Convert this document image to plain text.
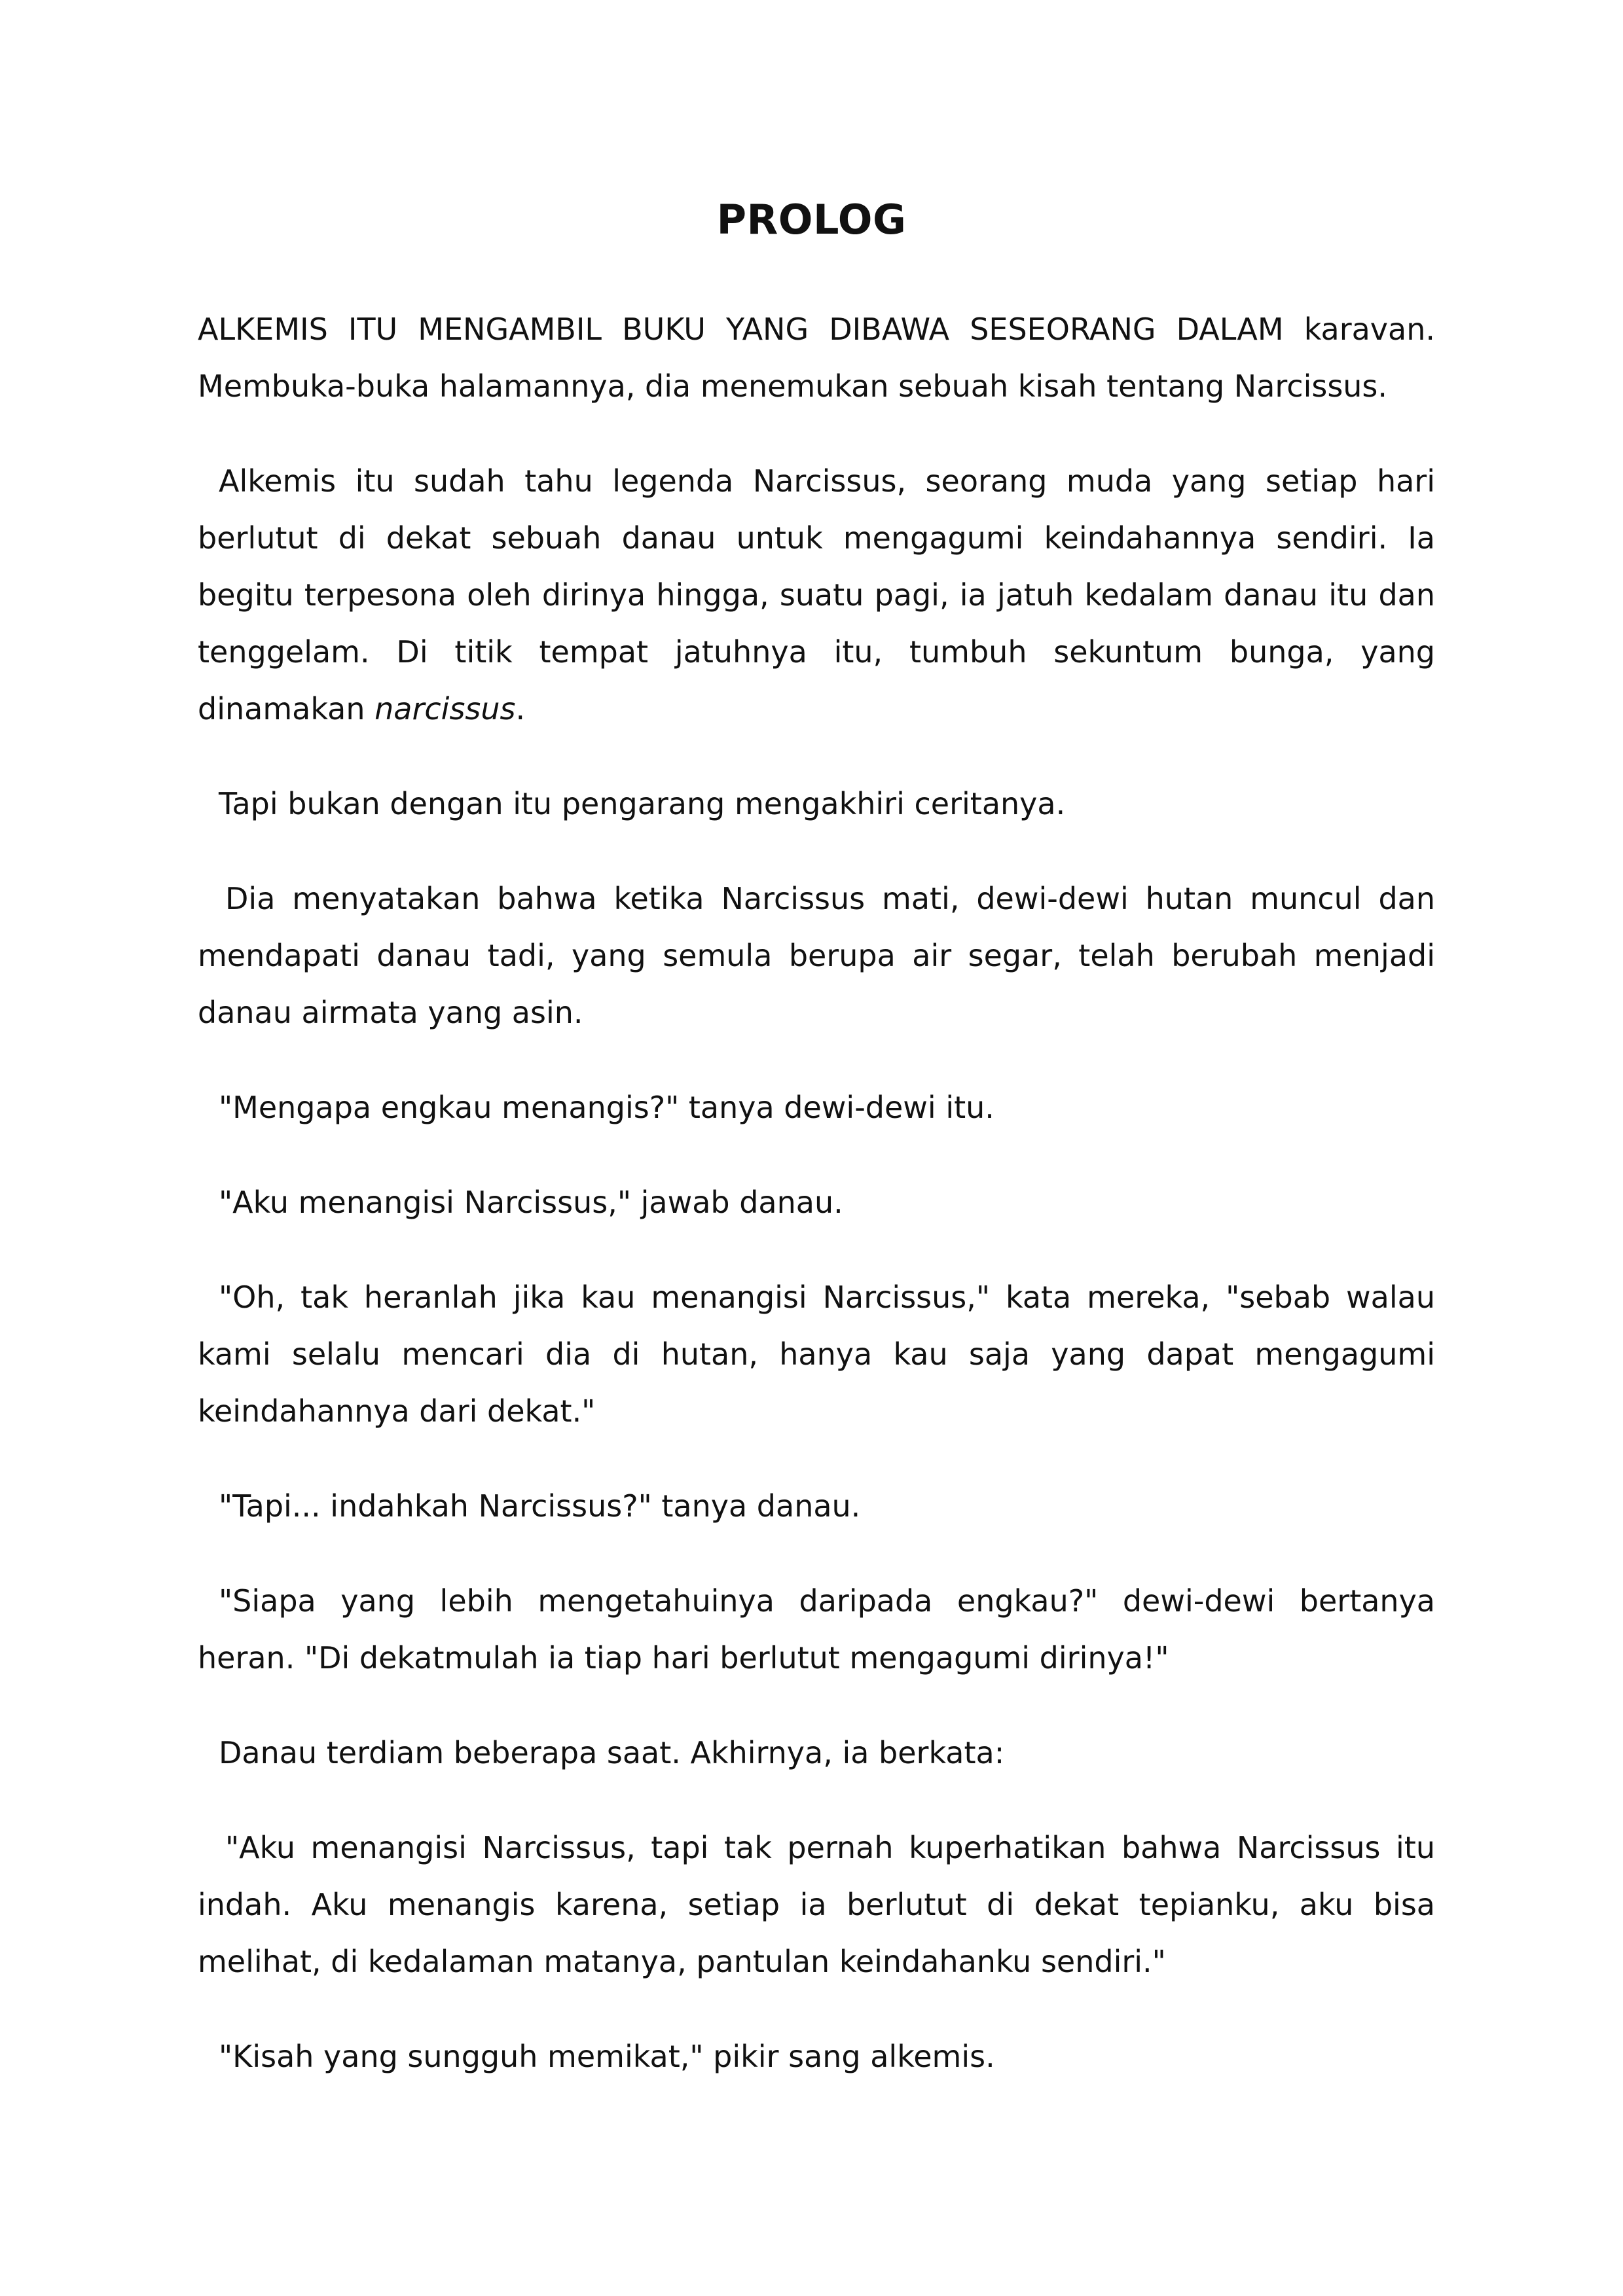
PROLOG

ALKEMIS ITU MENGAMBIL BUKU YANG DIBAWA SESEORANG DALAM karavan. Membuka-buka halamannya, dia menemukan sebuah kisah tentang Narcissus.

Alkemis itu sudah tahu legenda Narcissus, seorang muda yang setiap hari berlutut di dekat sebuah danau untuk mengagumi keindahannya sendiri. Ia begitu terpesona oleh dirinya hingga, suatu pagi, ia jatuh kedalam danau itu dan tenggelam. Di titik tempat jatuhnya itu, tumbuh sekuntum bunga, yang dinamakan narcissus.

Tapi bukan dengan itu pengarang mengakhiri ceritanya.

Dia menyatakan bahwa ketika Narcissus mati, dewi-dewi hutan muncul dan mendapati danau tadi, yang semula berupa air segar, telah berubah menjadi danau airmata yang asin.

"Mengapa engkau menangis?" tanya dewi-dewi itu.

"Aku menangisi Narcissus," jawab danau.

"Oh, tak heranlah jika kau menangisi Narcissus," kata mereka, "sebab walau kami selalu mencari dia di hutan, hanya kau saja yang dapat mengagumi keindahannya dari dekat."

"Tapi... indahkah Narcissus?" tanya danau.

"Siapa yang lebih mengetahuinya daripada engkau?" dewi-dewi bertanya heran. "Di dekatmulah ia tiap hari berlutut mengagumi dirinya!"

Danau terdiam beberapa saat. Akhirnya, ia berkata:

"Aku menangisi Narcissus, tapi tak pernah kuperhatikan bahwa Narcissus itu indah. Aku menangis karena, setiap ia berlutut di dekat tepianku, aku bisa melihat, di kedalaman matanya, pantulan keindahanku sendiri."

"Kisah yang sungguh memikat," pikir sang alkemis.
